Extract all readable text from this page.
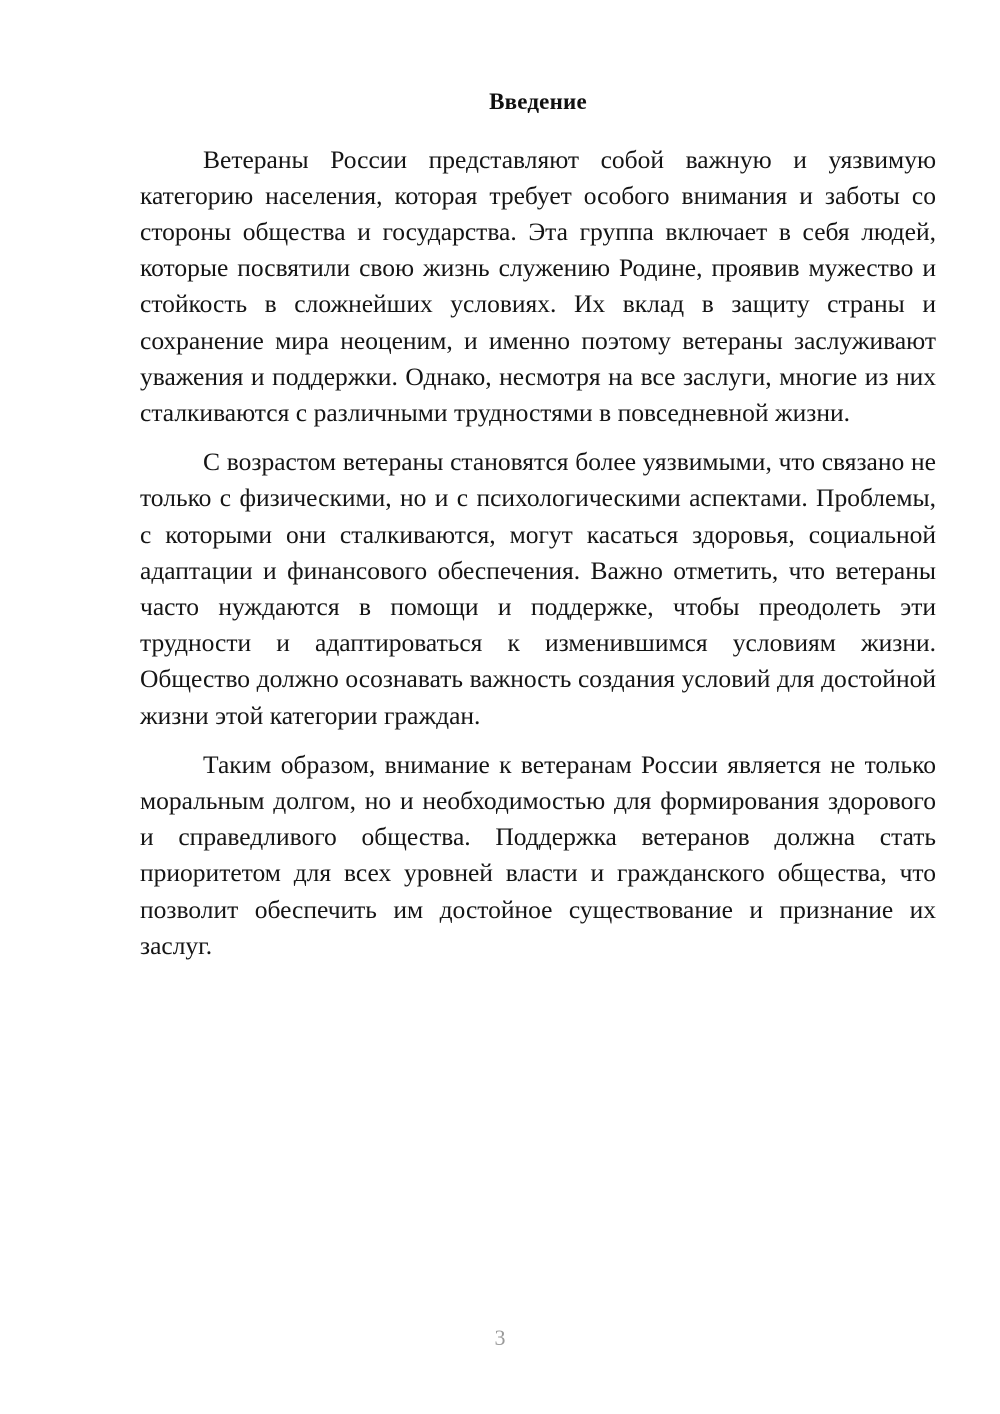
Введение

Ветераны России представляют собой важную и уязвимую категорию населения, которая требует особого внимания и заботы со стороны общества и государства. Эта группа включает в себя людей, которые посвятили свою жизнь служению Родине, проявив мужество и стойкость в сложнейших условиях. Их вклад в защиту страны и сохранение мира неоценим, и именно поэтому ветераны заслуживают уважения и поддержки. Однако, несмотря на все заслуги, многие из них сталкиваются с различными трудностями в повседневной жизни.

С возрастом ветераны становятся более уязвимыми, что связано не только с физическими, но и с психологическими аспектами. Проблемы, с которыми они сталкиваются, могут касаться здоровья, социальной адаптации и финансового обеспечения. Важно отметить, что ветераны часто нуждаются в помощи и поддержке, чтобы преодолеть эти трудности и адаптироваться к изменившимся условиям жизни. Общество должно осознавать важность создания условий для достойной жизни этой категории граждан.

Таким образом, внимание к ветеранам России является не только моральным долгом, но и необходимостью для формирования здорового и справедливого общества. Поддержка ветеранов должна стать приоритетом для всех уровней власти и гражданского общества, что позволит обеспечить им достойное существование и признание их заслуг.

3
